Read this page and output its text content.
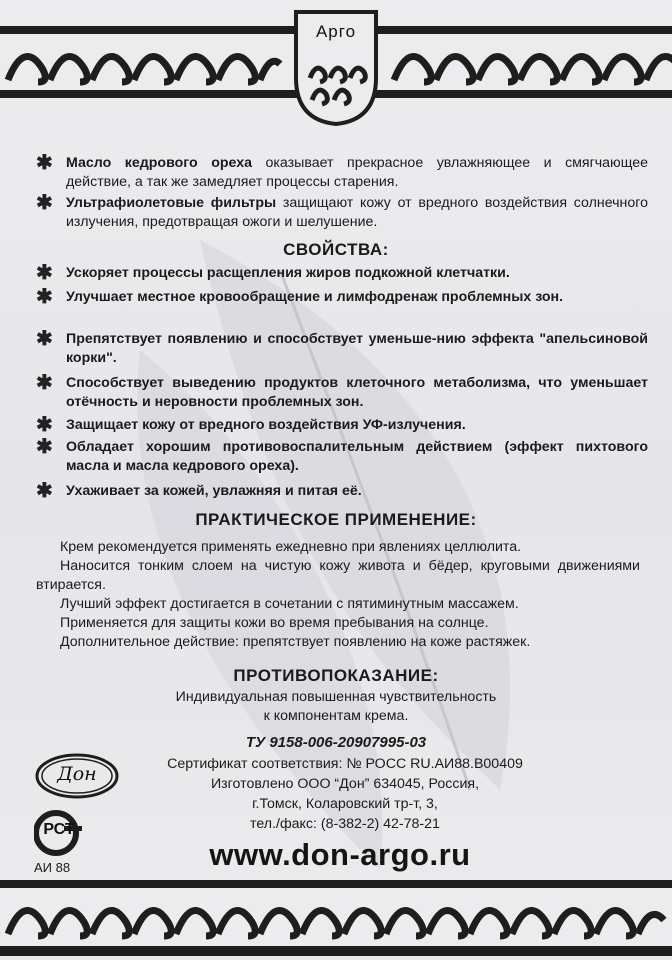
Арго
✱ Масло кедрового ореха оказывает прекрасное увлажняющее и смягчающее действие, а так же замедляет процессы старения.
✱ Ультрафиолетовые фильтры защищают кожу от вредного воздействия солнечного излучения, предотвращая ожоги и шелушение.
СВОЙСТВА:
✱ Ускоряет процессы расщепления жиров подкожной клетчатки.
✱ Улучшает местное кровообращение и лимфодренаж проблемных зон.
✱ Препятствует появлению и способствует уменьше-нию эффекта "апельсиновой корки".
✱ Способствует выведению продуктов клеточного метаболизма, что уменьшает отёчность и неровности проблемных зон.
✱ Защищает кожу от вредного воздействия УФ-излучения.
✱ Обладает хорошим противовоспалительным действием (эффект пихтового масла и масла кедрового ореха).
✱ Ухаживает за кожей, увлажняя и питая её.
ПРАКТИЧЕСКОЕ ПРИМЕНЕНИЕ:
Крем рекомендуется применять ежедневно при явлениях целлюлита.
Наносится тонким слоем на чистую кожу живота и бёдер, круговыми движениями втирается.
Лучший эффект достигается в сочетании с пятиминутным массажем.
Применяется для защиты кожи во время пребывания на солнце.
Дополнительное действие: препятствует появлению на коже растяжек.
ПРОТИВОПОКАЗАНИЕ:
Индивидуальная повышенная чувствительность
к компонентам крема.
ТУ 9158-006-20907995-03
Сертификат соответствия: № РОСС RU.АИ88.В00409
Изготовлено ООО “Дон” 634045, Россия,
г.Томск, Коларовский тр-т, 3,
тел./факс: (8-382-2) 42-78-21
www.don-argo.ru
Дон
РСТ
АИ 88
